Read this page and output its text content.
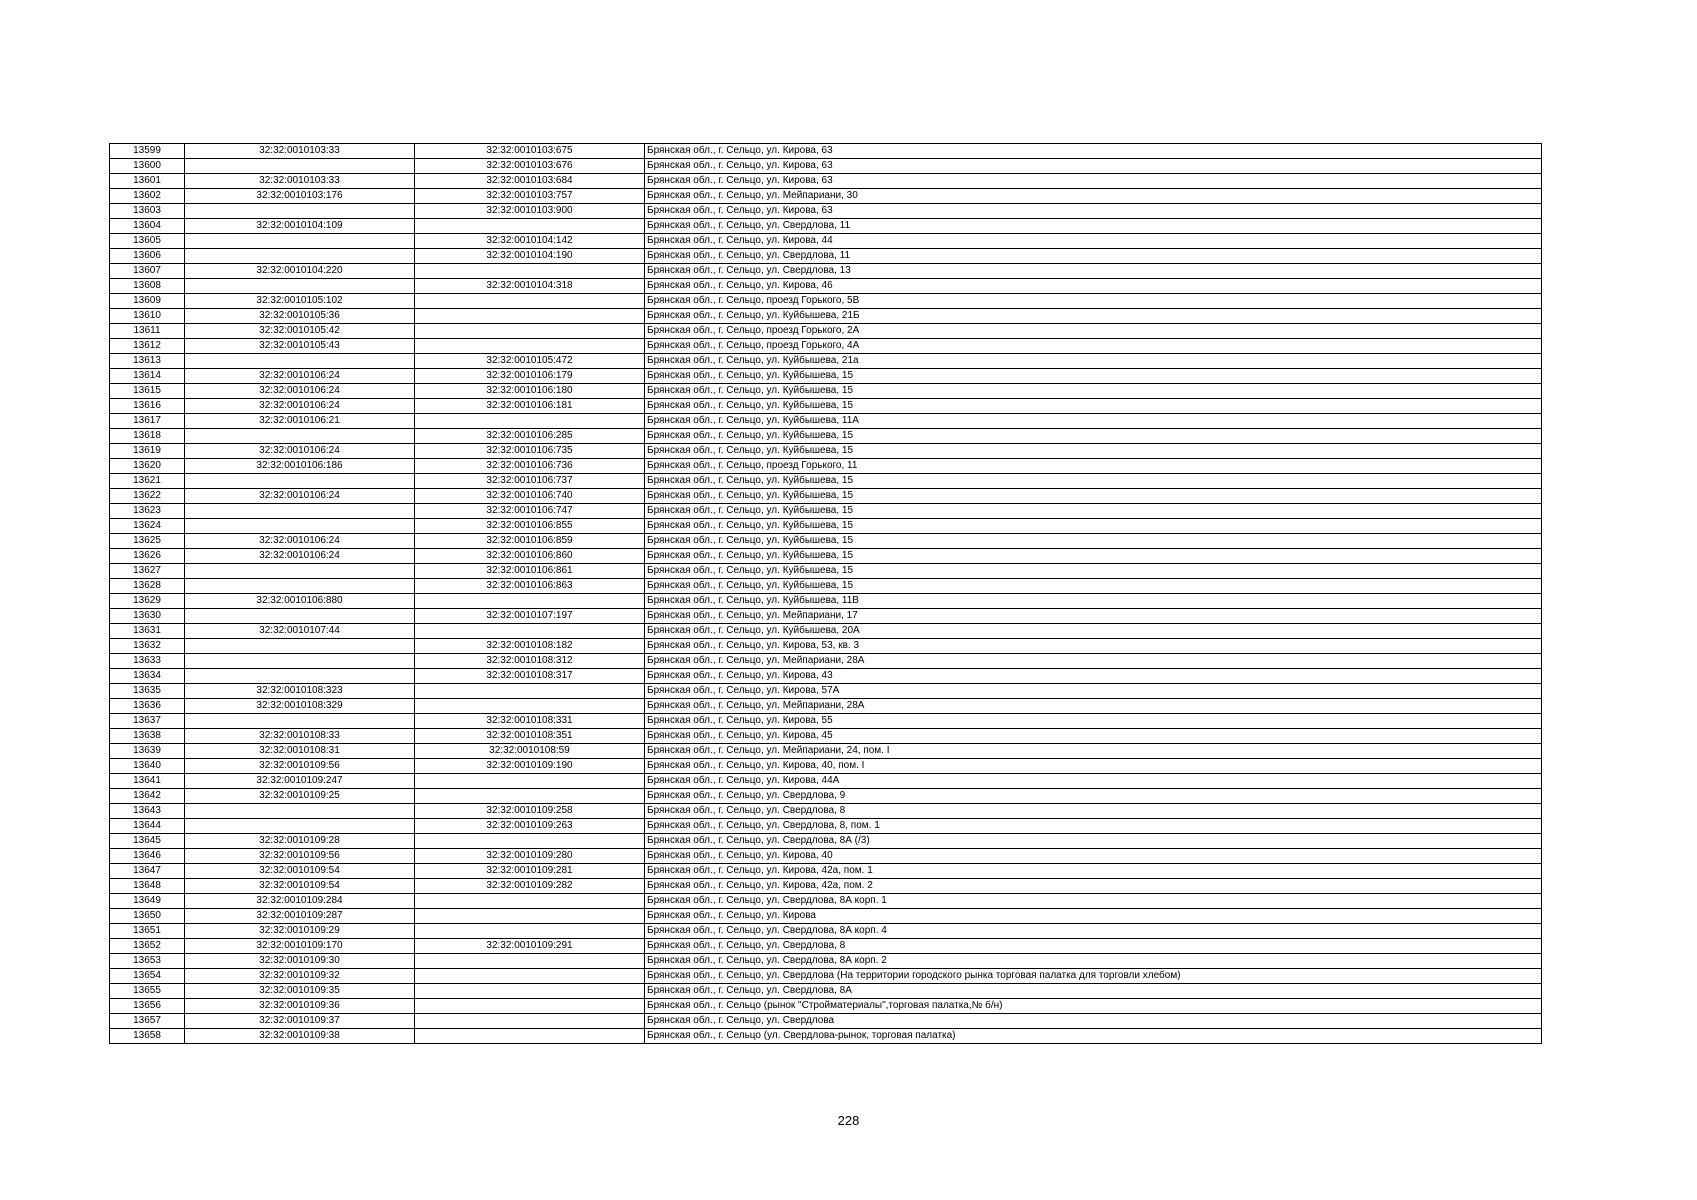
13599	32:32:0010103:33	32:32:0010103:675	Брянская обл., г. Сельцо, ул. Кирова, 63
13600		32:32:0010103:676	Брянская обл., г. Сельцо, ул. Кирова, 63
13601	32:32:0010103:33	32:32:0010103:684	Брянская обл., г. Сельцо, ул. Кирова, 63
13602	32:32:0010103:176	32:32:0010103:757	Брянская обл., г. Сельцо, ул. Мейпариани, 30
13603		32:32:0010103:900	Брянская обл., г. Сельцо, ул. Кирова, 63
13604	32:32:0010104:109		Брянская обл., г. Сельцо, ул. Свердлова, 11
13605		32:32:0010104:142	Брянская обл., г. Сельцо, ул. Кирова, 44
13606		32:32:0010104:190	Брянская обл., г. Сельцо, ул. Свердлова, 11
13607	32:32:0010104:220		Брянская обл., г. Сельцо, ул. Свердлова, 13
13608		32:32:0010104:318	Брянская обл., г. Сельцо, ул. Кирова, 46
13609	32:32:0010105:102		Брянская обл., г. Сельцо, проезд Горького, 5В
13610	32:32:0010105:36		Брянская обл., г. Сельцо, ул. Куйбышева, 21Б
13611	32:32:0010105:42		Брянская обл., г. Сельцо, проезд Горького, 2А
13612	32:32:0010105:43		Брянская обл., г. Сельцо, проезд Горького, 4А
13613		32:32:0010105:472	Брянская обл., г. Сельцо, ул. Куйбышева, 21а
13614	32:32:0010106:24	32:32:0010106:179	Брянская обл., г. Сельцо, ул. Куйбышева, 15
13615	32:32:0010106:24	32:32:0010106:180	Брянская обл., г. Сельцо, ул. Куйбышева, 15
13616	32:32:0010106:24	32:32:0010106:181	Брянская обл., г. Сельцо, ул. Куйбышева, 15
13617	32:32:0010106:21		Брянская обл., г. Сельцо, ул. Куйбышева, 11А
13618		32:32:0010106:285	Брянская обл., г. Сельцо, ул. Куйбышева, 15
13619	32:32:0010106:24	32:32:0010106:735	Брянская обл., г. Сельцо, ул. Куйбышева, 15
13620	32:32:0010106:186	32:32:0010106:736	Брянская обл., г. Сельцо, проезд Горького, 11
13621		32:32:0010106:737	Брянская обл., г. Сельцо, ул. Куйбышева, 15
13622	32:32:0010106:24	32:32:0010106:740	Брянская обл., г. Сельцо, ул. Куйбышева, 15
13623		32:32:0010106:747	Брянская обл., г. Сельцо, ул. Куйбышева, 15
13624		32:32:0010106:855	Брянская обл., г. Сельцо, ул. Куйбышева, 15
13625	32:32:0010106:24	32:32:0010106:859	Брянская обл., г. Сельцо, ул. Куйбышева, 15
13626	32:32:0010106:24	32:32:0010106:860	Брянская обл., г. Сельцо, ул. Куйбышева, 15
13627		32:32:0010106:861	Брянская обл., г. Сельцо, ул. Куйбышева, 15
13628		32:32:0010106:863	Брянская обл., г. Сельцо, ул. Куйбышева, 15
13629	32:32:0010106:880		Брянская обл., г. Сельцо, ул. Куйбышева, 11В
13630		32:32:0010107:197	Брянская обл., г. Сельцо, ул. Мейпариани, 17
13631	32:32:0010107:44		Брянская обл., г. Сельцо, ул. Куйбышева, 20А
13632		32:32:0010108:182	Брянская обл., г. Сельцо, ул. Кирова, 53, кв. 3
13633		32:32:0010108:312	Брянская обл., г. Сельцо, ул. Мейпариани, 28А
13634		32:32:0010108:317	Брянская обл., г. Сельцо, ул. Кирова, 43
13635	32:32:0010108:323		Брянская обл., г. Сельцо, ул. Кирова, 57А
13636	32:32:0010108:329		Брянская обл., г. Сельцо, ул. Мейпариани, 28А
13637		32:32:0010108:331	Брянская обл., г. Сельцо, ул. Кирова, 55
13638	32:32:0010108:33	32:32:0010108:351	Брянская обл., г. Сельцо, ул. Кирова, 45
13639	32:32:0010108:31	32:32:0010108:59	Брянская обл., г. Сельцо, ул. Мейпариани, 24, пом. I
13640	32:32:0010109:56	32:32:0010109:190	Брянская обл., г. Сельцо, ул. Кирова, 40, пом. I
13641	32:32:0010109:247		Брянская обл., г. Сельцо, ул. Кирова, 44А
13642	32:32:0010109:25		Брянская обл., г. Сельцо, ул. Свердлова, 9
13643		32:32:0010109:258	Брянская обл., г. Сельцо, ул. Свердлова, 8
13644		32:32:0010109:263	Брянская обл., г. Сельцо, ул. Свердлова, 8, пом. 1
13645	32:32:0010109:28		Брянская обл., г. Сельцо, ул. Свердлова, 8А (/3)
13646	32:32:0010109:56	32:32:0010109:280	Брянская обл., г. Сельцо, ул. Кирова, 40
13647	32:32:0010109:54	32:32:0010109:281	Брянская обл., г. Сельцо, ул. Кирова, 42а, пом. 1
13648	32:32:0010109:54	32:32:0010109:282	Брянская обл., г. Сельцо, ул. Кирова, 42а, пом. 2
13649	32:32:0010109:284		Брянская обл., г. Сельцо, ул. Свердлова, 8А корп. 1
13650	32:32:0010109:287		Брянская обл., г. Сельцо, ул. Кирова
13651	32:32:0010109:29		Брянская обл., г. Сельцо, ул. Свердлова, 8А корп. 4
13652	32:32:0010109:170	32:32:0010109:291	Брянская обл., г. Сельцо, ул. Свердлова, 8
13653	32:32:0010109:30		Брянская обл., г. Сельцо, ул. Свердлова, 8А корп. 2
13654	32:32:0010109:32		Брянская обл., г. Сельцо, ул. Свердлова (На территории городского рынка торговая палатка для торговли хлебом)
13655	32:32:0010109:35		Брянская обл., г. Сельцо, ул. Свердлова, 8А
13656	32:32:0010109:36		Брянская обл., г. Сельцо (рынок "Стройматериалы",торговая палатка,№ б/н)
13657	32:32:0010109:37		Брянская обл., г. Сельцо, ул. Свердлова
13658	32:32:0010109:38		Брянская обл., г. Сельцо (ул. Свердлова-рынок, торговая палатка)
228
